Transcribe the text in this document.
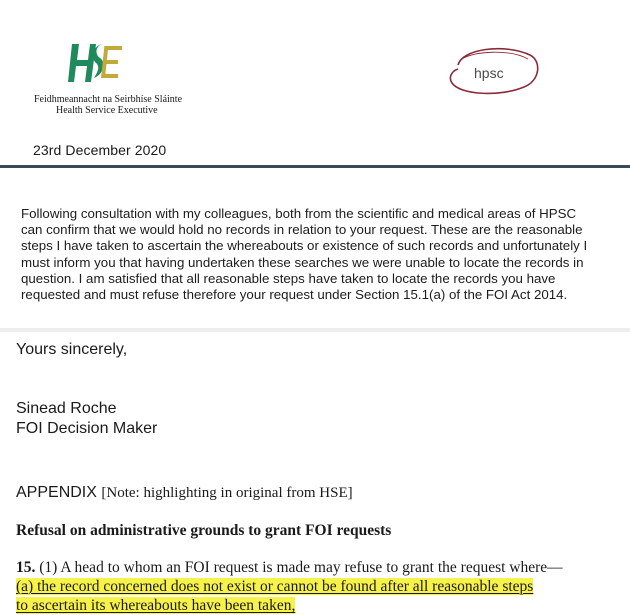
Feidhmeannacht na Seirbhíse Sláinte
Health Service Executive
hpsc
23rd December 2020
Following consultation with my colleagues, both from the scientific and medical areas of HPSC
can confirm that we would hold no records in relation to your request. These are the reasonable
steps I have taken to ascertain the whereabouts or existence of such records and unfortunately I
must inform you that having undertaken these searches we were unable to locate the records in
question. I am satisfied that all reasonable steps have taken to locate the records you have
requested and must refuse therefore your request under Section 15.1(a) of the FOI Act 2014.
Yours sincerely,
Sinead Roche
FOI Decision Maker
APPENDIX [Note: highlighting in original from HSE]
Refusal on administrative grounds to grant FOI requests
15. (1) A head to whom an FOI request is made may refuse to grant the request where—
(a) the record concerned does not exist or cannot be found after all reasonable steps
to ascertain its whereabouts have been taken,
